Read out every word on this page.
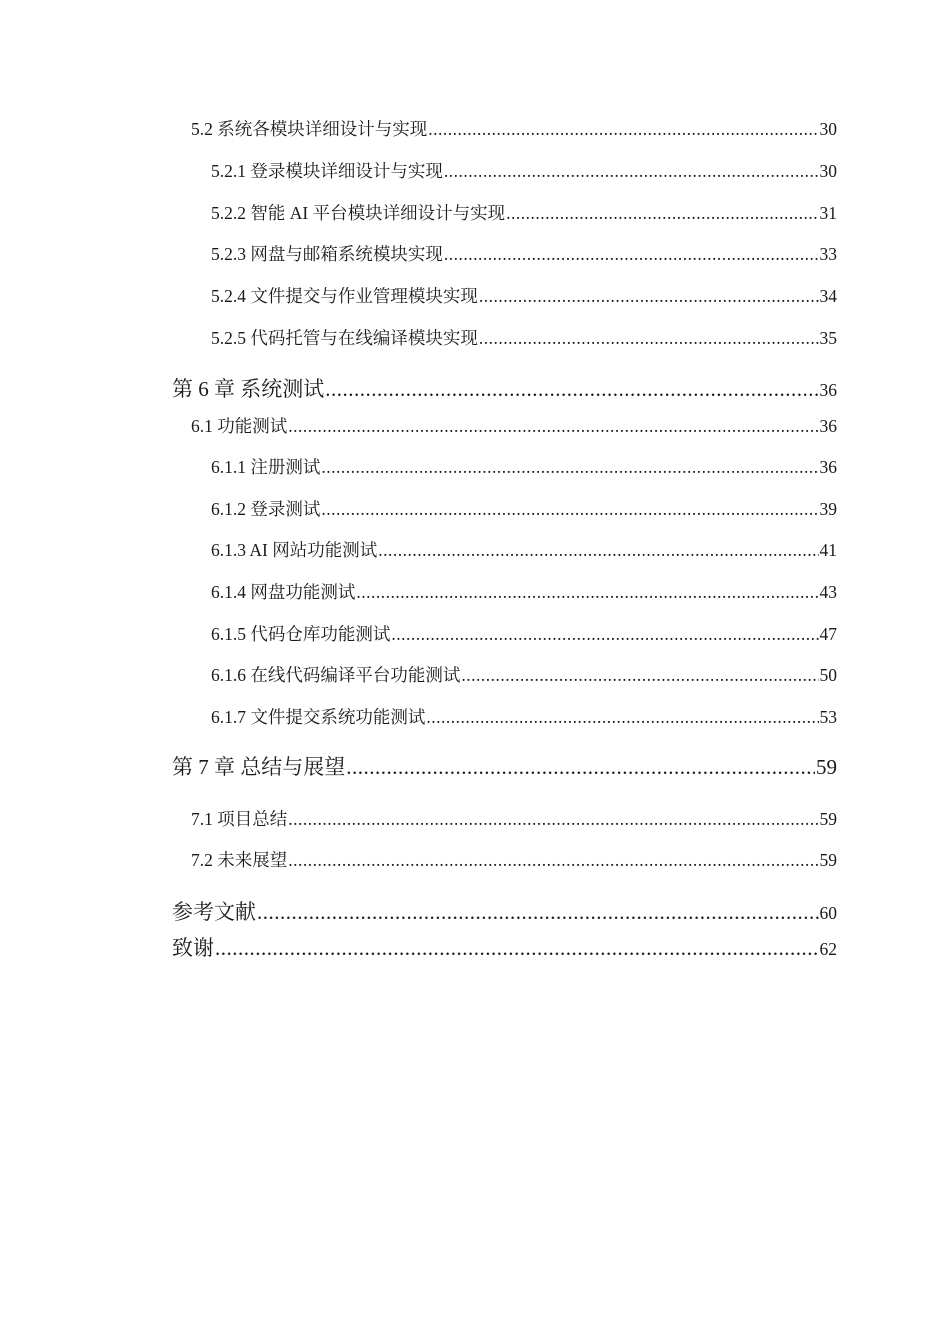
5.2 系统各模块详细设计与实现 .....	30
5.2.1 登录模块详细设计与实现 .....	30
5.2.2 智能 AI 平台模块详细设计与实现 .....	31
5.2.3 网盘与邮箱系统模块实现 .....	33
5.2.4 文件提交与作业管理模块实现 .....	34
5.2.5 代码托管与在线编译模块实现 .....	35
第 6 章 系统测试 .....	36
6.1 功能测试 .....	36
6.1.1 注册测试 .....	36
6.1.2 登录测试 .....	39
6.1.3 AI 网站功能测试 .....	41
6.1.4 网盘功能测试 .....	43
6.1.5 代码仓库功能测试 .....	47
6.1.6 在线代码编译平台功能测试 .....	50
6.1.7 文件提交系统功能测试 .....	53
第 7 章 总结与展望 .....	59
7.1 项目总结 .....	59
7.2 未来展望 .....	59
参考文献 .....	60
致谢 .....	62
